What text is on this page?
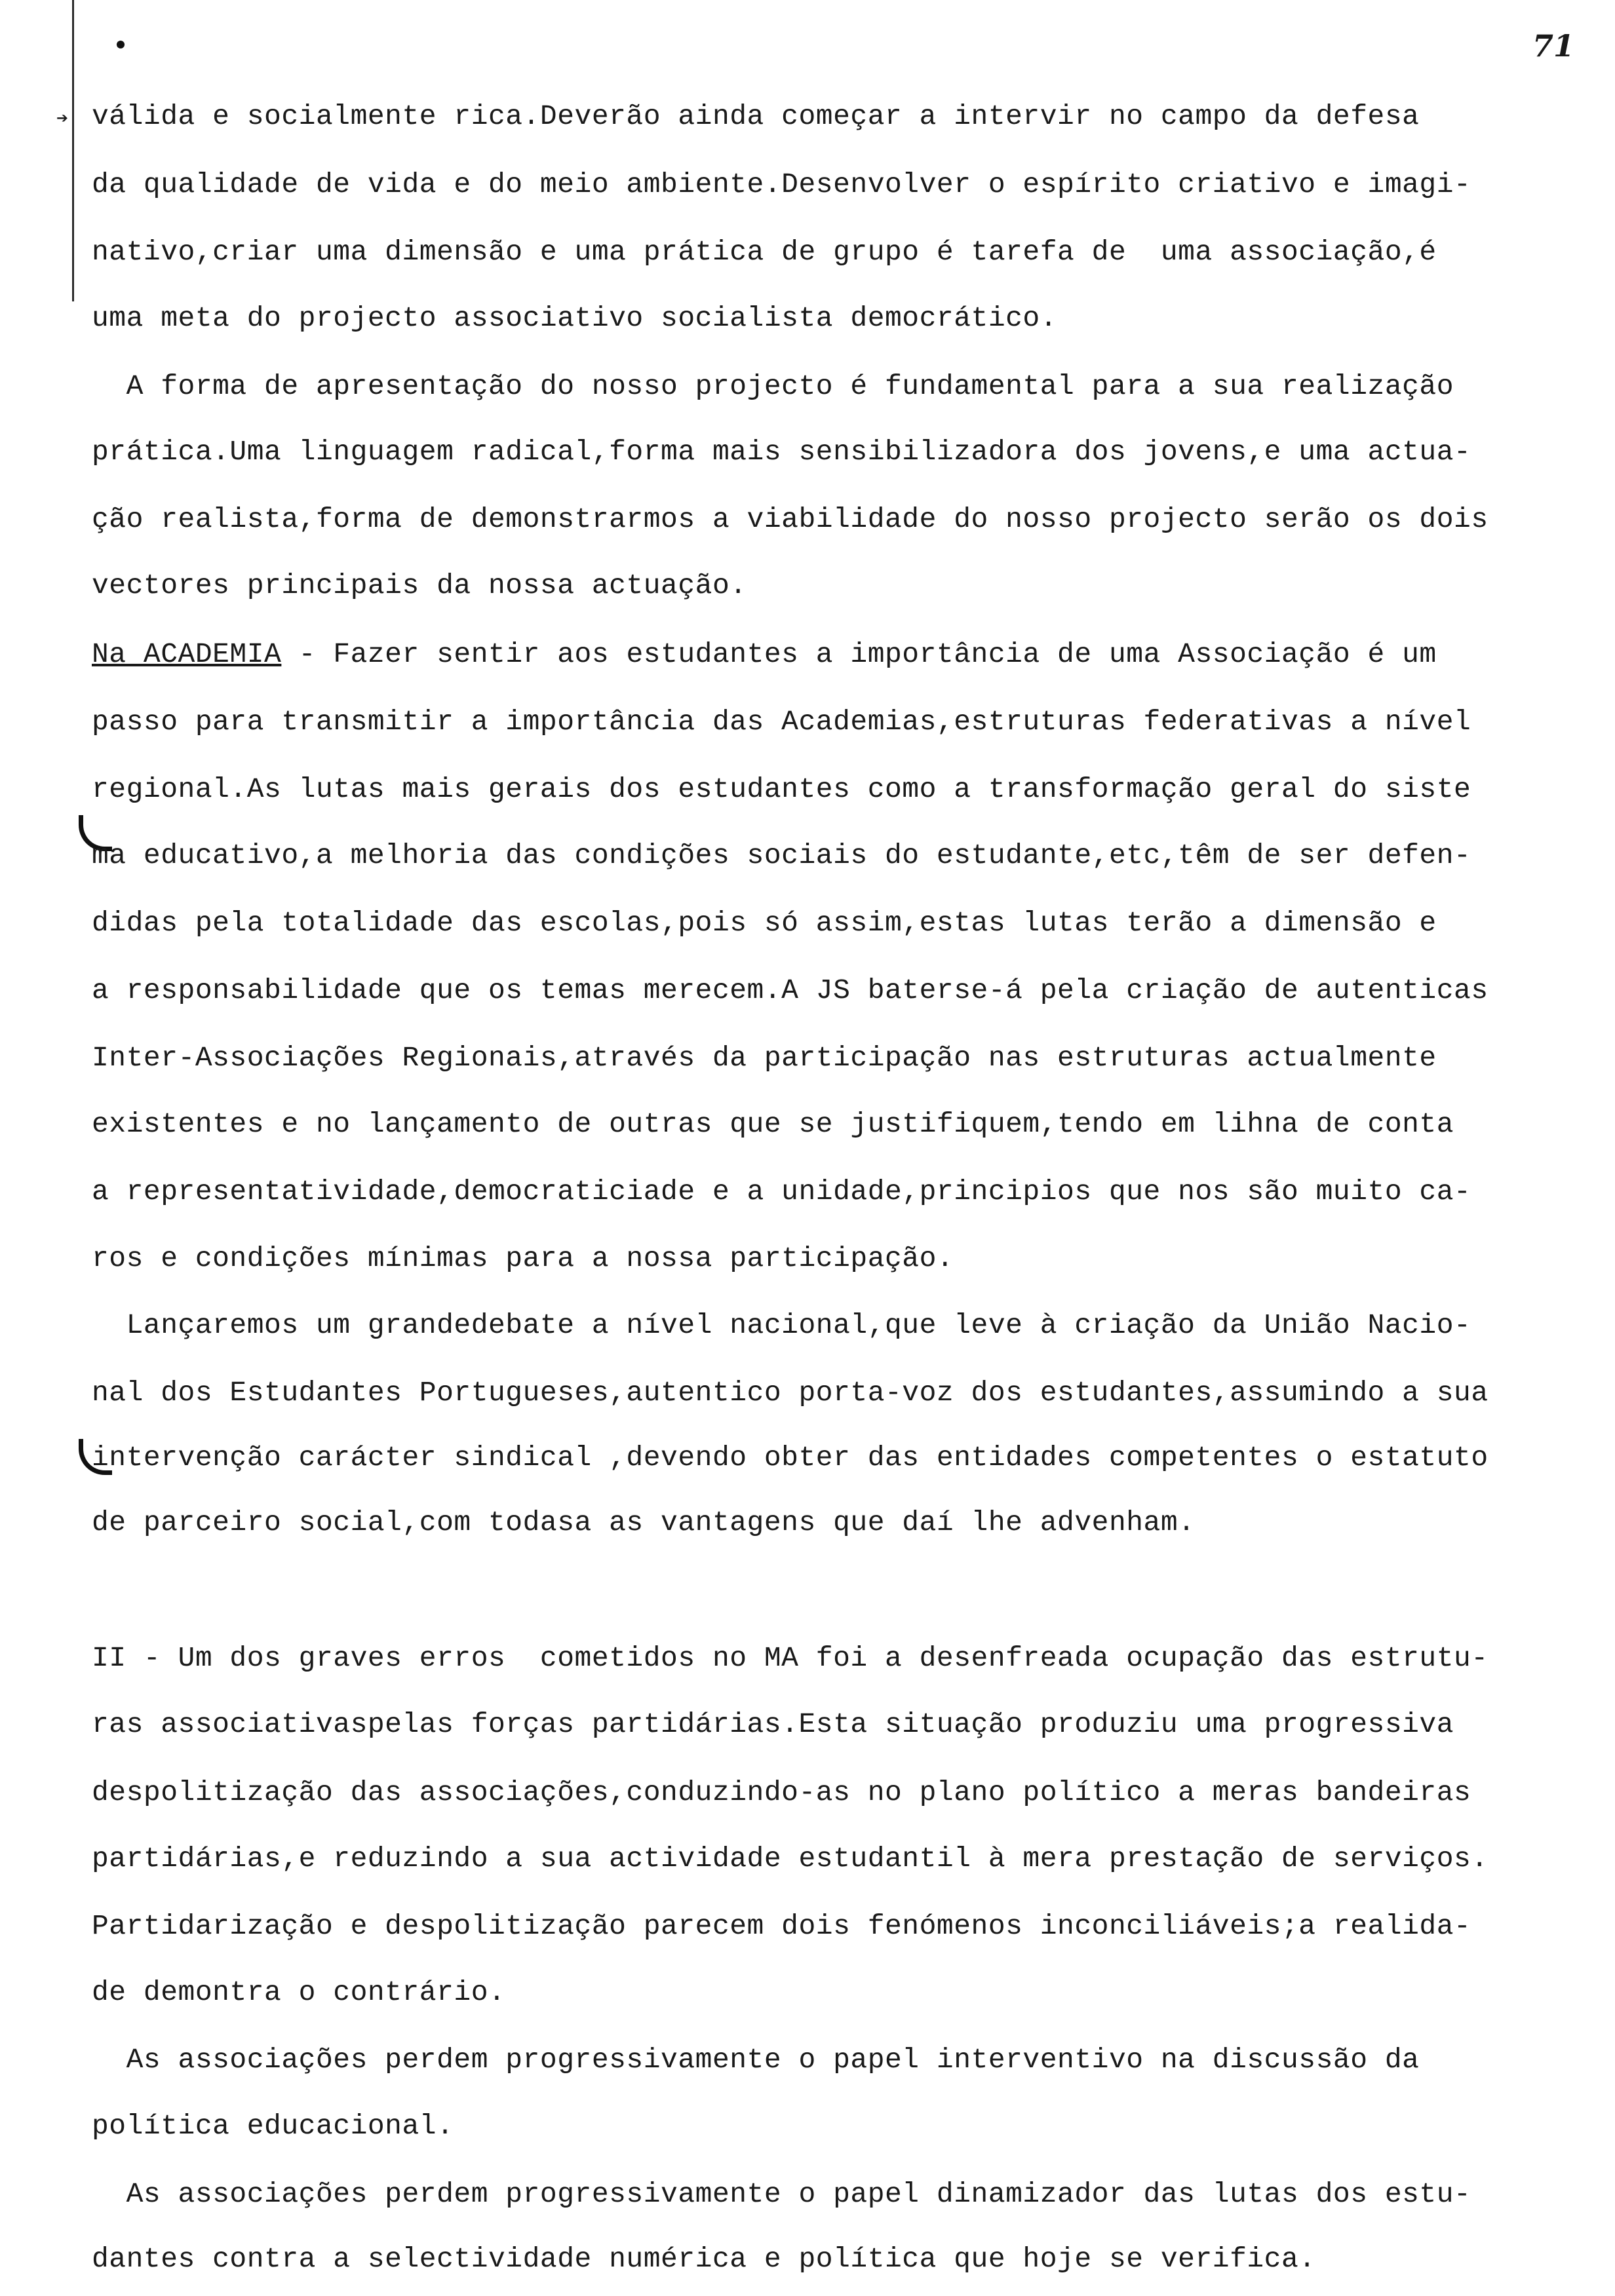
➔
71
válida e socialmente rica.Deverão ainda começar a intervir no campo da defesa
da qualidade de vida e do meio ambiente.Desenvolver o espírito criativo e imagi-
nativo,criar uma dimensão e uma prática de grupo é tarefa de  uma associação,é
uma meta do projecto associativo socialista democrático.
A forma de apresentação do nosso projecto é fundamental para a sua realização
prática.Uma linguagem radical,forma mais sensibilizadora dos jovens,e uma actua-
ção realista,forma de demonstrarmos a viabilidade do nosso projecto serão os dois
vectores principais da nossa actuação.
Na ACADEMIA - Fazer sentir aos estudantes a importância de uma Associação é um
passo para transmitir a importância das Academias,estruturas federativas a nível
regional.As lutas mais gerais dos estudantes como a transformação geral do siste
ma educativo,a melhoria das condições sociais do estudante,etc,têm de ser defen-
didas pela totalidade das escolas,pois só assim,estas lutas terão a dimensão e
a responsabilidade que os temas merecem.A JS baterse-á pela criação de autenticas
Inter-Associações Regionais,através da participação nas estruturas actualmente
existentes e no lançamento de outras que se justifiquem,tendo em lihna de conta
a representatividade,democraticiade e a unidade,principios que nos são muito ca-
ros e condições mínimas para a nossa participação.
Lançaremos um grandedebate a nível nacional,que leve à criação da União Nacio-
nal dos Estudantes Portugueses,autentico porta-voz dos estudantes,assumindo a sua
intervenção carácter sindical ,devendo obter das entidades competentes o estatuto
de parceiro social,com todasa as vantagens que daí lhe advenham.
II - Um dos graves erros  cometidos no MA foi a desenfreada ocupação das estrutu-
ras associativaspelas forças partidárias.Esta situação produziu uma progressiva
despolitização das associações,conduzindo-as no plano político a meras bandeiras
partidárias,e reduzindo a sua actividade estudantil à mera prestação de serviços.
Partidarização e despolitização parecem dois fenómenos inconciliáveis;a realida-
de demontra o contrário.
As associações perdem progressivamente o papel interventivo na discussão da
política educacional.
As associações perdem progressivamente o papel dinamizador das lutas dos estu-
dantes contra a selectividade numérica e política que hoje se verifica.
